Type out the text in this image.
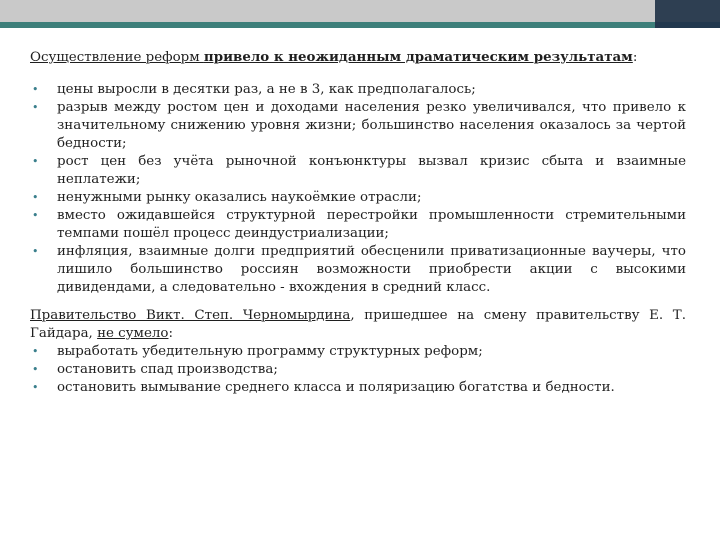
Осуществление реформ привело к неожиданным драматическим результатам:

• цены выросли в десятки раз, а не в 3, как предполагалось;
• разрыв между ростом цен и доходами населения резко увеличивался, что привело к значительному снижению уровня жизни; большинство населения оказалось за чертой бедности;
• рост цен без учёта рыночной конъюнктуры вызвал кризис сбыта и взаимные неплатежи;
• ненужными рынку оказались наукоёмкие отрасли;
• вместо ожидавшейся структурной перестройки промышленности стремительными темпами пошёл процесс деиндустриализации;
• инфляция, взаимные долги предприятий обесценили приватизационные ваучеры, что лишило большинство россиян возможности приобрести акции с высокими дивидендами, а следовательно - вхождения в средний класс.

Правительство Викт. Степ. Черномырдина, пришедшее на смену правительству Е. Т. Гайдара, не сумело:

• выработать убедительную программу структурных реформ;
• остановить спад производства;
• остановить вымывание среднего класса и поляризацию богатства и бедности.
